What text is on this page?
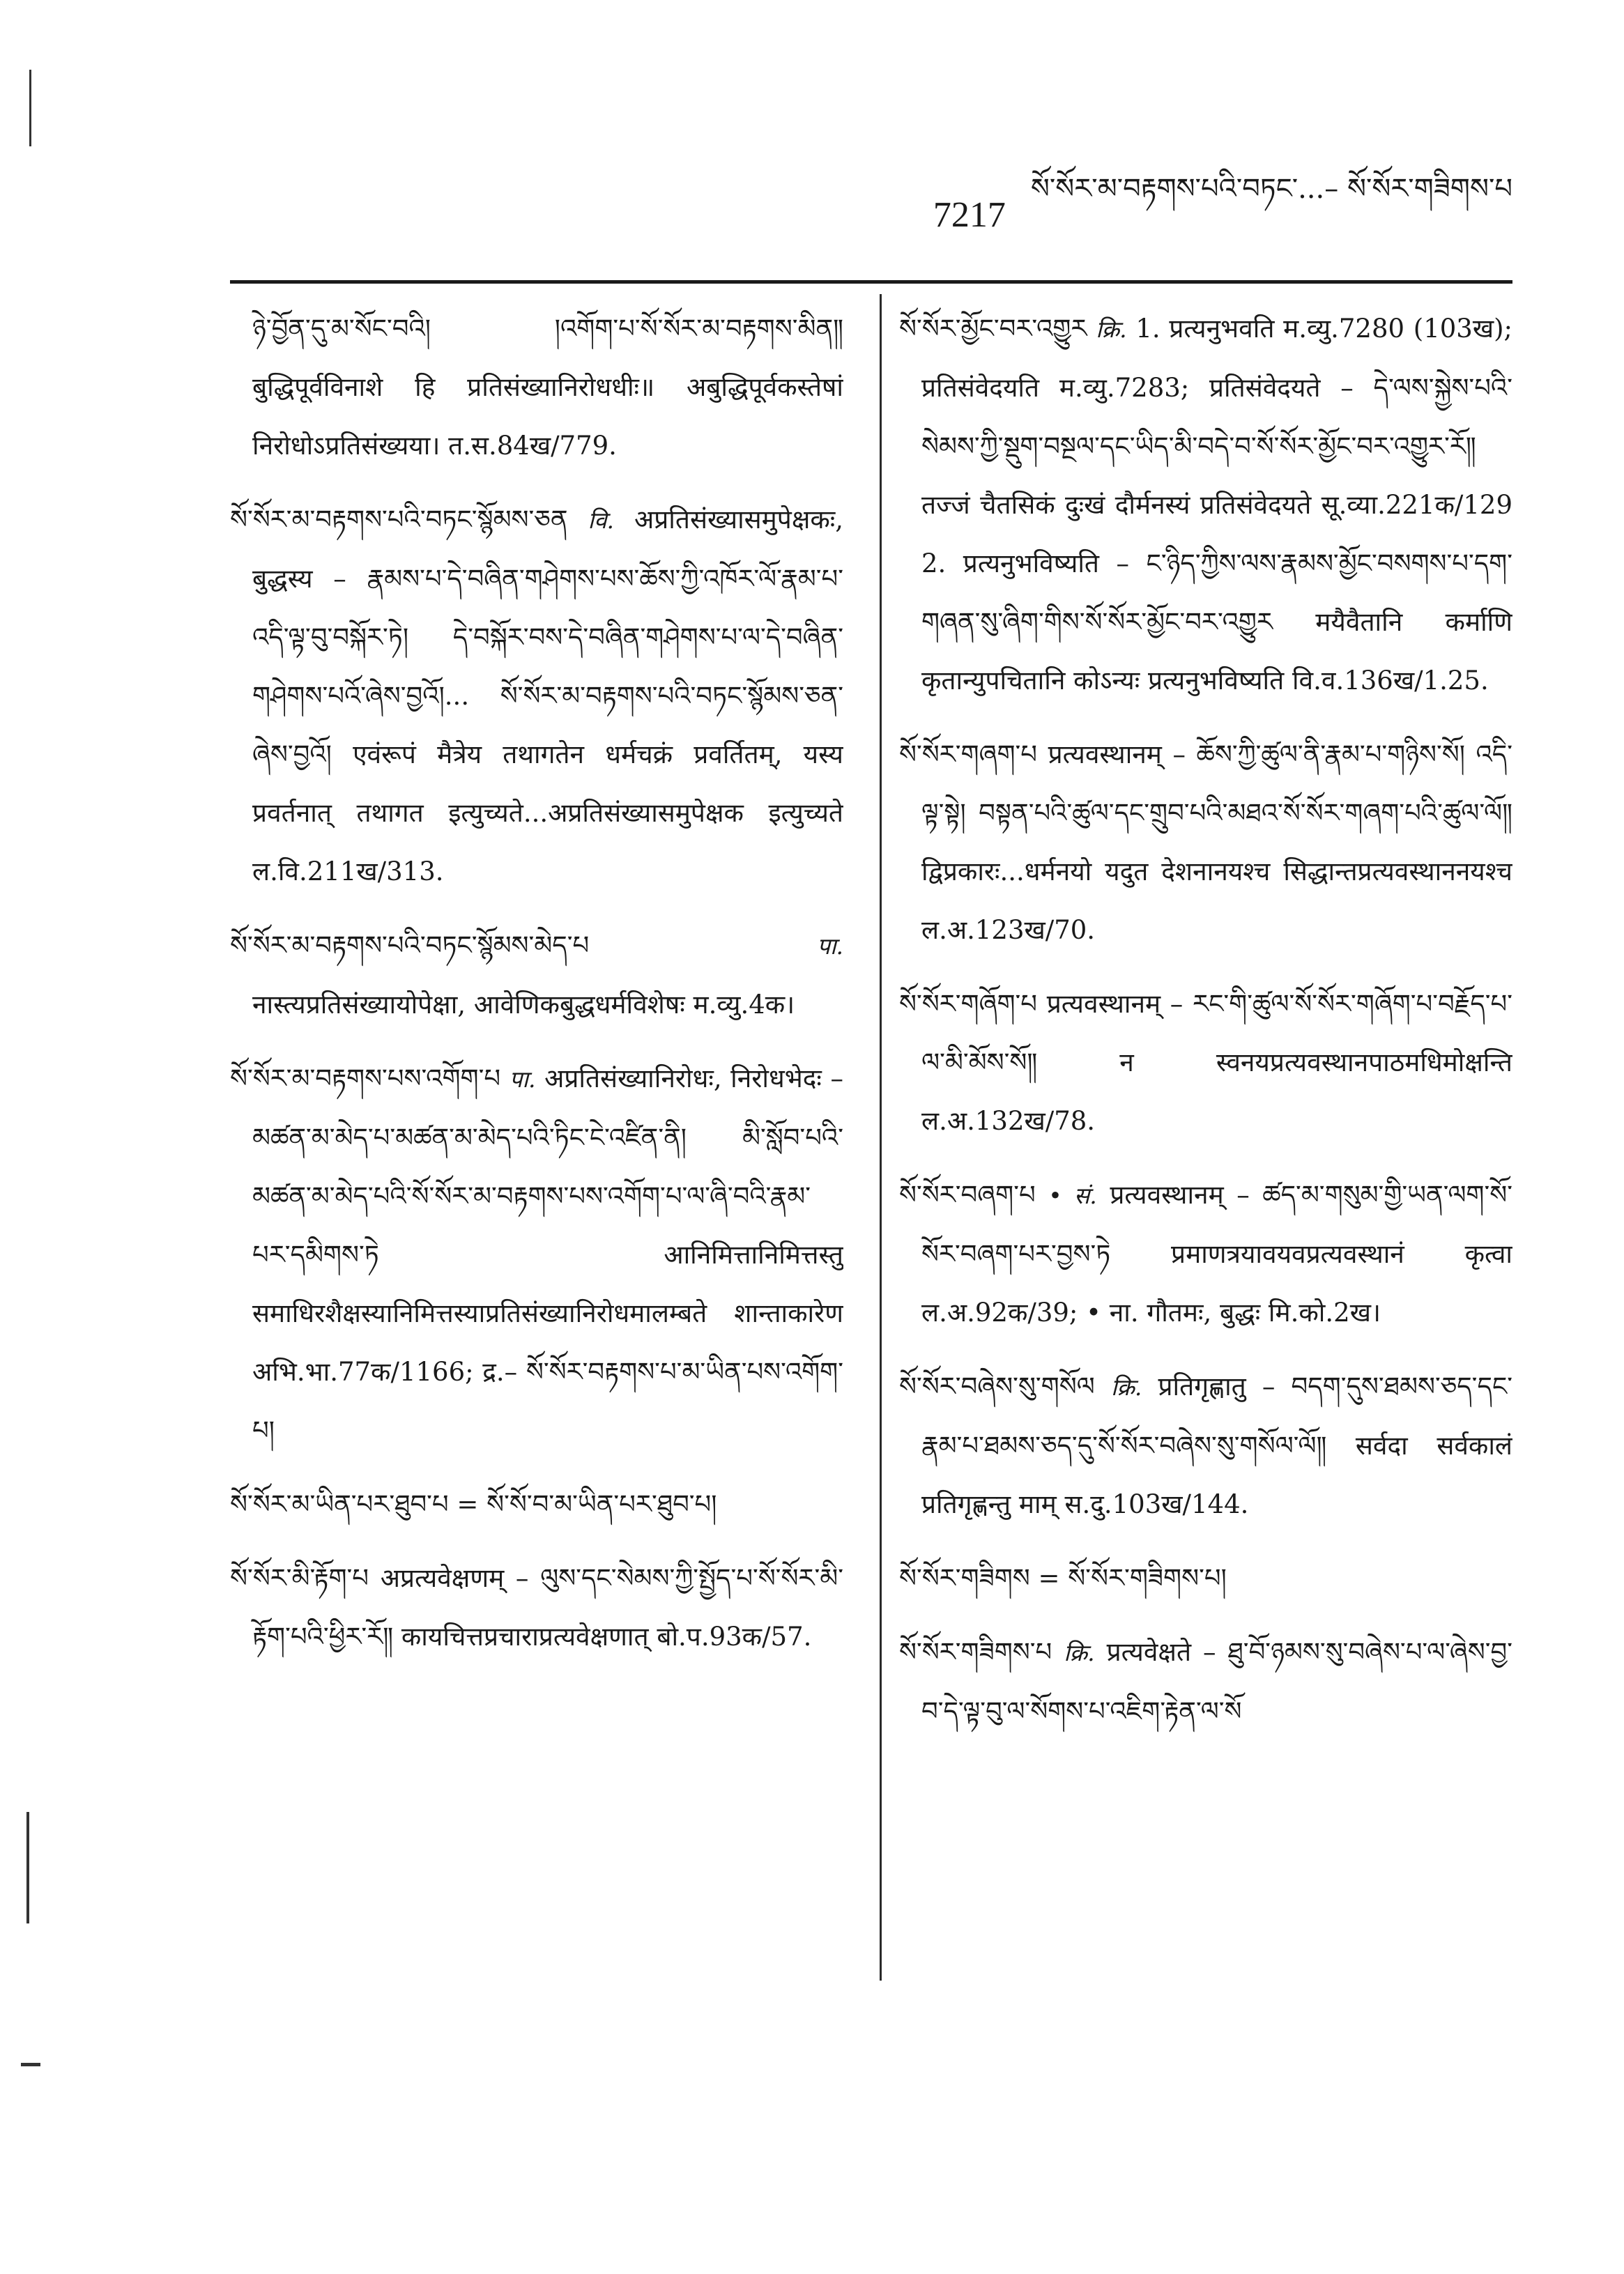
7217
སོ་སོར་མ་བརྟགས་པའི་བཏང་...– སོ་སོར་གཟིགས་པ

ཉེ་བྱོན་དུ་མ་སོང་བའི། །འགོག་པ་སོ་སོར་མ་བརྟགས་མིན༎ बुद्धिपूर्वविनाशे हि प्रतिसंख्यानिरोधधीः॥ अबुद्धिपूर्वकस्तेषां निरोधोऽप्रतिसंख्यया। त.स.84ख/779.

སོ་སོར་མ་བརྟགས་པའི་བཏང་སྙོམས་ཅན वि. अप्रतिसंख्यासमुपेक्षकः, बुद्धस्य – རྣམས་པ་དེ་བཞིན་གཤེགས་པས་ཆོས་ཀྱི་འཁོར་ལོ་རྣམ་པ་འདི་ལྟ་བུ་བསྐོར་ཏེ། དེ་བསྐོར་བས་དེ་བཞིན་གཤེགས་པ་ལ་དེ་བཞིན་གཤེགས་པའོ་ཞེས་བྱའོ།... སོ་སོར་མ་བརྟགས་པའི་བཏང་སྙོམས་ཅན་ཞེས་བྱའོ། एवंरूपं मैत्रेय तथागतेन धर्मचक्रं प्रवर्तितम्, यस्य प्रवर्तनात् तथागत इत्युच्यते...अप्रतिसंख्यासमुपेक्षक इत्युच्यते ल.वि.211ख/313.

སོ་སོར་མ་བརྟགས་པའི་བཏང་སྙོམས་མེད་པ	पा. नास्त्यप्रतिसंख्यायोपेक्षा, आवेणिकबुद्धधर्मविशेषः म.व्यु.4क।

སོ་སོར་མ་བརྟགས་པས་འགོག་པ पा. अप्रतिसंख्यानिरोधः, निरोधभेदः – མཚན་མ་མེད་པ་མཚན་མ་མེད་པའི་ཏིང་ངེ་འཛིན་ནི། མི་སློབ་པའི་མཚན་མ་མེད་པའི་སོ་སོར་མ་བརྟགས་པས་འགོག་པ་ལ་ཞི་བའི་རྣམ་པར་དམིགས་ཏེ आनिमित्तानिमित्तस्तु समाधिरशैक्षस्यानिमित्तस्याप्रतिसंख्यानिरोधमालम्बते शान्ताकारेण अभि.भा.77क/1166; द्र.– སོ་སོར་བརྟགས་པ་མ་ཡིན་པས་འགོག་པ།

སོ་སོར་མ་ཡིན་པར་ཐུབ་པ = སོ་སོ་བ་མ་ཡིན་པར་ཐུབ་པ།

སོ་སོར་མི་རྟོག་པ अप्रत्यवेक्षणम् – ལུས་དང་སེམས་ཀྱི་སྤྱོད་པ་སོ་སོར་མི་རྟོག་པའི་ཕྱིར་རོ༎ कायचित्तप्रचाराप्रत्यवेक्षणात् बो.प.93क/57.

སོ་སོར་མྱོང་བར་འགྱུར क्रि. 1. प्रत्यनुभवति म.व्यु.7280 (103ख); प्रतिसंवेदयति म.व्यु.7283; प्रतिसंवेदयते – དེ་ལས་སྐྱེས་པའི་སེམས་ཀྱི་སྡུག་བསྔལ་དང་ཡིད་མི་བདེ་བ་སོ་སོར་མྱོང་བར་འགྱུར་རོ༎ तज्जं चैतसिकं दुःखं दौर्मनस्यं प्रतिसंवेदयते सू.व्या.221क/129 2. प्रत्यनुभविष्यति – ང་ཉིད་ཀྱིས་ལས་རྣམས་མྱོང་བསགས་པ་དག་གཞན་སུ་ཞིག་གིས་སོ་སོར་མྱོང་བར་འགྱུར मयैवैतानि कर्माणि कृतान्युपचितानि कोऽन्यः प्रत्यनुभविष्यति वि.व.136ख/1.25.

སོ་སོར་གཞག་པ प्रत्यवस्थानम् – ཆོས་ཀྱི་ཚུལ་ནི་རྣམ་པ་གཉིས་སོ། འདི་ལྟ་སྟེ། བསྟན་པའི་ཚུལ་དང་གྲུབ་པའི་མཐའ་སོ་སོར་གཞག་པའི་ཚུལ་ལོ༎ द्विप्रकारः...धर्मनयो यदुत देशनानयश्च सिद्धान्तप्रत्यवस्थाननयश्च ल.अ.123ख/70.

སོ་སོར་གཞོག་པ प्रत्यवस्थानम् – རང་གི་ཚུལ་སོ་སོར་གཞོག་པ་བརྗོད་པ་ལ་མི་མོས་སོ༎ न स्वनयप्रत्यवस्थानपाठमधिमोक्षन्ति ल.अ.132ख/78.

སོ་སོར་བཞག་པ • सं. प्रत्यवस्थानम् – ཚད་མ་གསུམ་གྱི་ཡན་ལག་སོ་སོར་བཞག་པར་བྱས་ཏེ प्रमाणत्रयावयवप्रत्यवस्थानं कृत्वा ल.अ.92क/39; • ना. गौतमः, बुद्धः मि.को.2ख।

སོ་སོར་བཞེས་སུ་གསོལ क्रि. प्रतिगृह्णातु – བདག་དུས་ཐམས་ཅད་དང་རྣམ་པ་ཐམས་ཅད་དུ་སོ་སོར་བཞེས་སུ་གསོལ་ལོ༎ सर्वदा सर्वकालं प्रतिगृह्णन्तु माम् स.दु.103ख/144.

སོ་སོར་གཟིགས = སོ་སོར་གཟིགས་པ།

སོ་སོར་གཟིགས་པ क्रि. प्रत्यवेक्षते – ཐུ་བོ་ཉམས་སུ་བཞེས་པ་ལ་ཞེས་བྱ་བ་དེ་ལྟ་བུ་ལ་སོགས་པ་འཇིག་རྟེན་ལ་སོ
